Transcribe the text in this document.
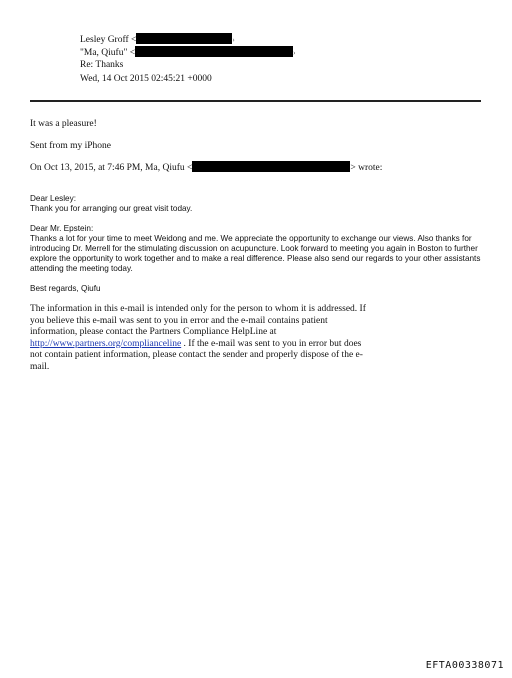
Lesley Groff <	›
"Ma, Qiufu" <	›
Re: Thanks
Wed, 14 Oct 2015 02:45:21 +0000
It was a pleasure!
Sent from my iPhone
On Oct 13, 2015, at 7:46 PM, Ma, Qiufu <	> wrote:
Dear Lesley:
Thank you for arranging our great visit today.
Dear Mr. Epstein:
Thanks a lot for your time to meet Weidong and me. We appreciate the opportunity to exchange our views. Also thanks for introducing Dr. Merrell for the stimulating discussion on acupuncture. Look forward to meeting you again in Boston to further explore the opportunity to work together and to make a real difference. Please also send our regards to your other assistants attending the meeting today.
Best regards, Qiufu
The information in this e-mail is intended only for the person to whom it is addressed. If you believe this e-mail was sent to you in error and the e-mail contains patient information, please contact the Partners Compliance HelpLine at http://www.partners.org/complianceline . If the e-mail was sent to you in error but does not contain patient information, please contact the sender and properly dispose of the e-mail.
EFTA00338071
